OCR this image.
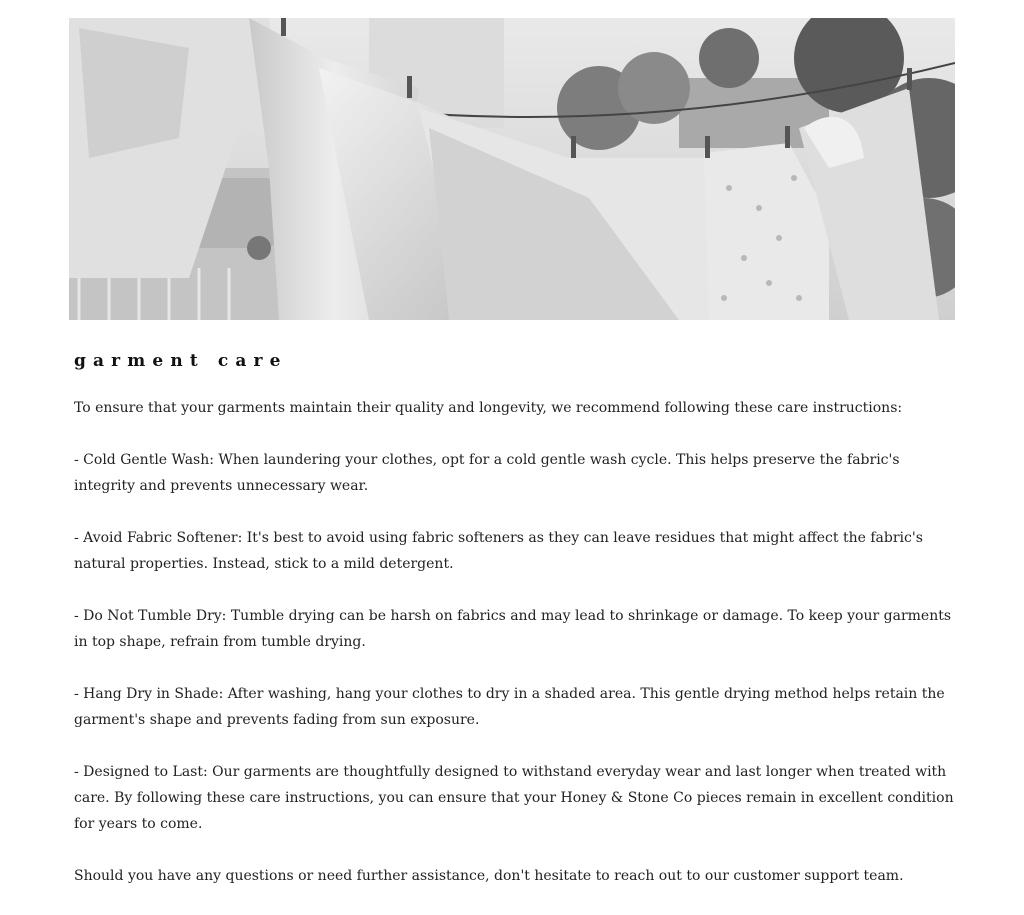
garment care

To ensure that your garments maintain their quality and longevity, we recommend following these care instructions:

- Cold Gentle Wash: When laundering your clothes, opt for a cold gentle wash cycle. This helps preserve the fabric's integrity and prevents unnecessary wear.

- Avoid Fabric Softener: It's best to avoid using fabric softeners as they can leave residues that might affect the fabric's natural properties. Instead, stick to a mild detergent.

- Do Not Tumble Dry: Tumble drying can be harsh on fabrics and may lead to shrinkage or damage. To keep your garments in top shape, refrain from tumble drying.

- Hang Dry in Shade: After washing, hang your clothes to dry in a shaded area. This gentle drying method helps retain the garment's shape and prevents fading from sun exposure.

- Designed to Last: Our garments are thoughtfully designed to withstand everyday wear and last longer when treated with care. By following these care instructions, you can ensure that your Honey & Stone Co pieces remain in excellent condition for years to come.

Should you have any questions or need further assistance, don't hesitate to reach out to our customer support team.
